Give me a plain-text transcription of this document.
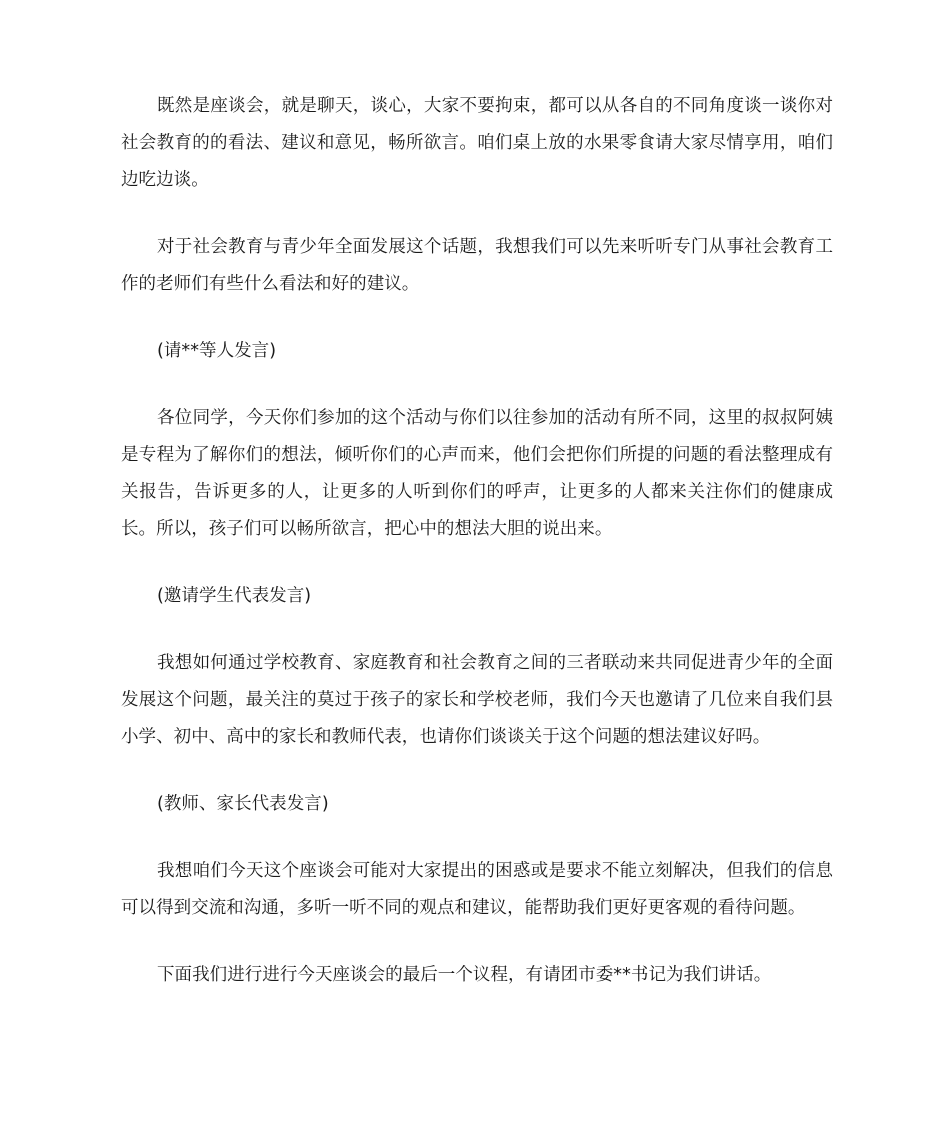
既然是座谈会，就是聊天，谈心，大家不要拘束，都可以从各自的不同角度谈一谈你对社会教育的的看法、建议和意见，畅所欲言。咱们桌上放的水果零食请大家尽情享用，咱们边吃边谈。

对于社会教育与青少年全面发展这个话题，我想我们可以先来听听专门从事社会教育工作的老师们有些什么看法和好的建议。

(请**等人发言)

各位同学，今天你们参加的这个活动与你们以往参加的活动有所不同，这里的叔叔阿姨是专程为了解你们的想法，倾听你们的心声而来，他们会把你们所提的问题的看法整理成有关报告，告诉更多的人，让更多的人听到你们的呼声，让更多的人都来关注你们的健康成长。所以，孩子们可以畅所欲言，把心中的想法大胆的说出来。

(邀请学生代表发言)

我想如何通过学校教育、家庭教育和社会教育之间的三者联动来共同促进青少年的全面发展这个问题，最关注的莫过于孩子的家长和学校老师，我们今天也邀请了几位来自我们县小学、初中、高中的家长和教师代表，也请你们谈谈关于这个问题的想法建议好吗。

(教师、家长代表发言)

我想咱们今天这个座谈会可能对大家提出的困惑或是要求不能立刻解决，但我们的信息可以得到交流和沟通，多听一听不同的观点和建议，能帮助我们更好更客观的看待问题。

下面我们进行进行今天座谈会的最后一个议程，有请团市委**书记为我们讲话。
